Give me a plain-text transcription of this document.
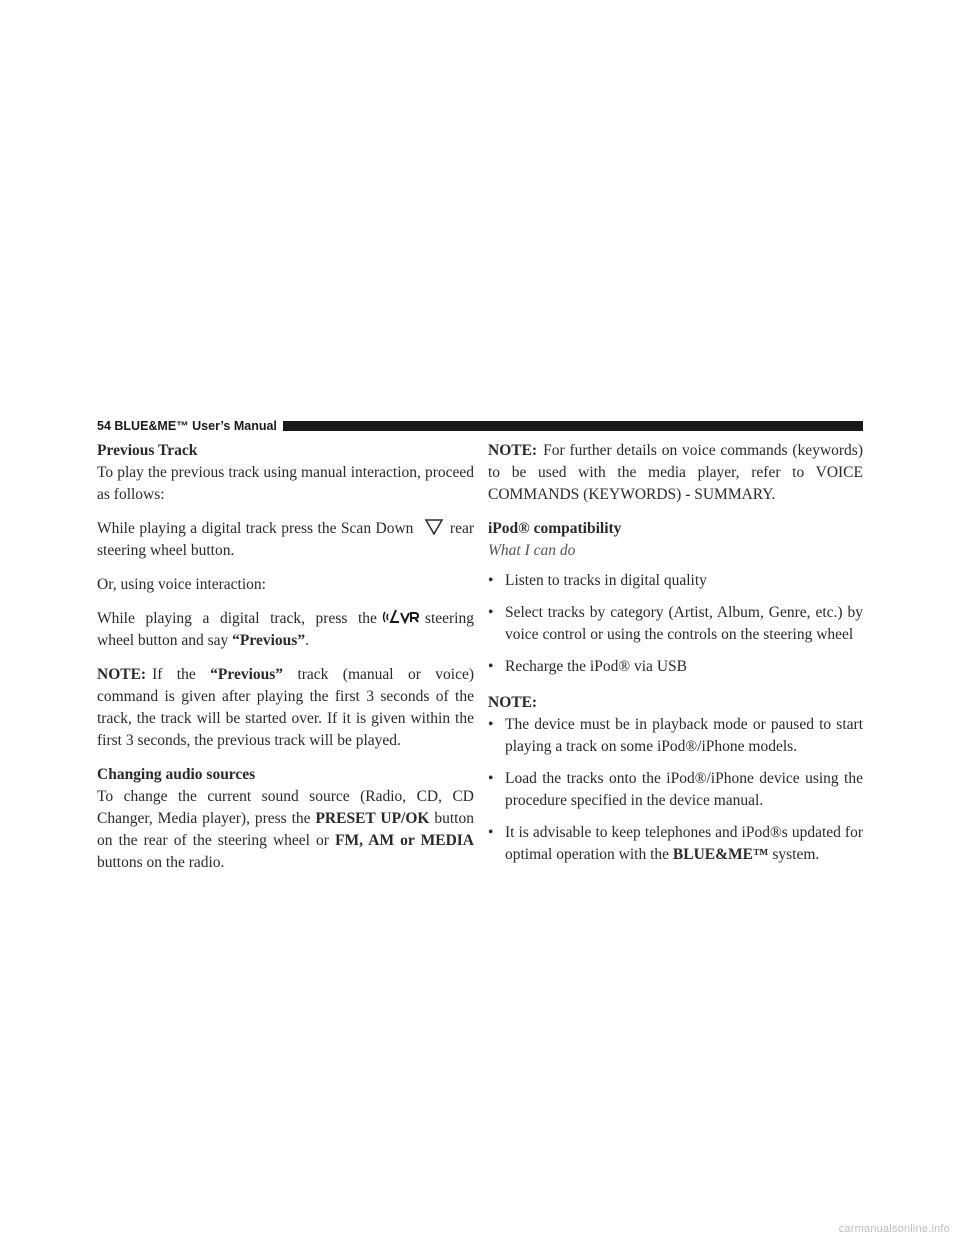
54 BLUE&ME™ User’s Manual

Previous Track

To play the previous track using manual interaction, proceed as follows:

While playing a digital track press the Scan Down rear steering wheel button.

Or, using voice interaction:

While playing a digital track, press the	steering wheel button and say “Previous”.

NOTE: If the “Previous” track (manual or voice) command is given after playing the first 3 seconds of the track, the track will be started over. If it is given within the first 3 seconds, the previous track will be played.

Changing audio sources

To change the current sound source (Radio, CD, CD Changer, Media player), press the PRESET UP/OK button on the rear of the steering wheel or FM, AM or MEDIA buttons on the radio.

NOTE: For further details on voice commands (keywords) to be used with the media player, refer to VOICE COMMANDS (KEYWORDS) - SUMMARY.

iPod® compatibility

What I can do

• Listen to tracks in digital quality
• Select tracks by category (Artist, Album, Genre, etc.) by voice control or using the controls on the steering wheel
• Recharge the iPod® via USB

NOTE:

• The device must be in playback mode or paused to start playing a track on some iPod®/iPhone models.
• Load the tracks onto the iPod®/iPhone device using the procedure specified in the device manual.
• It is advisable to keep telephones and iPod®s updated for optimal operation with the BLUE&ME™ system.
carmanualsonline.info
